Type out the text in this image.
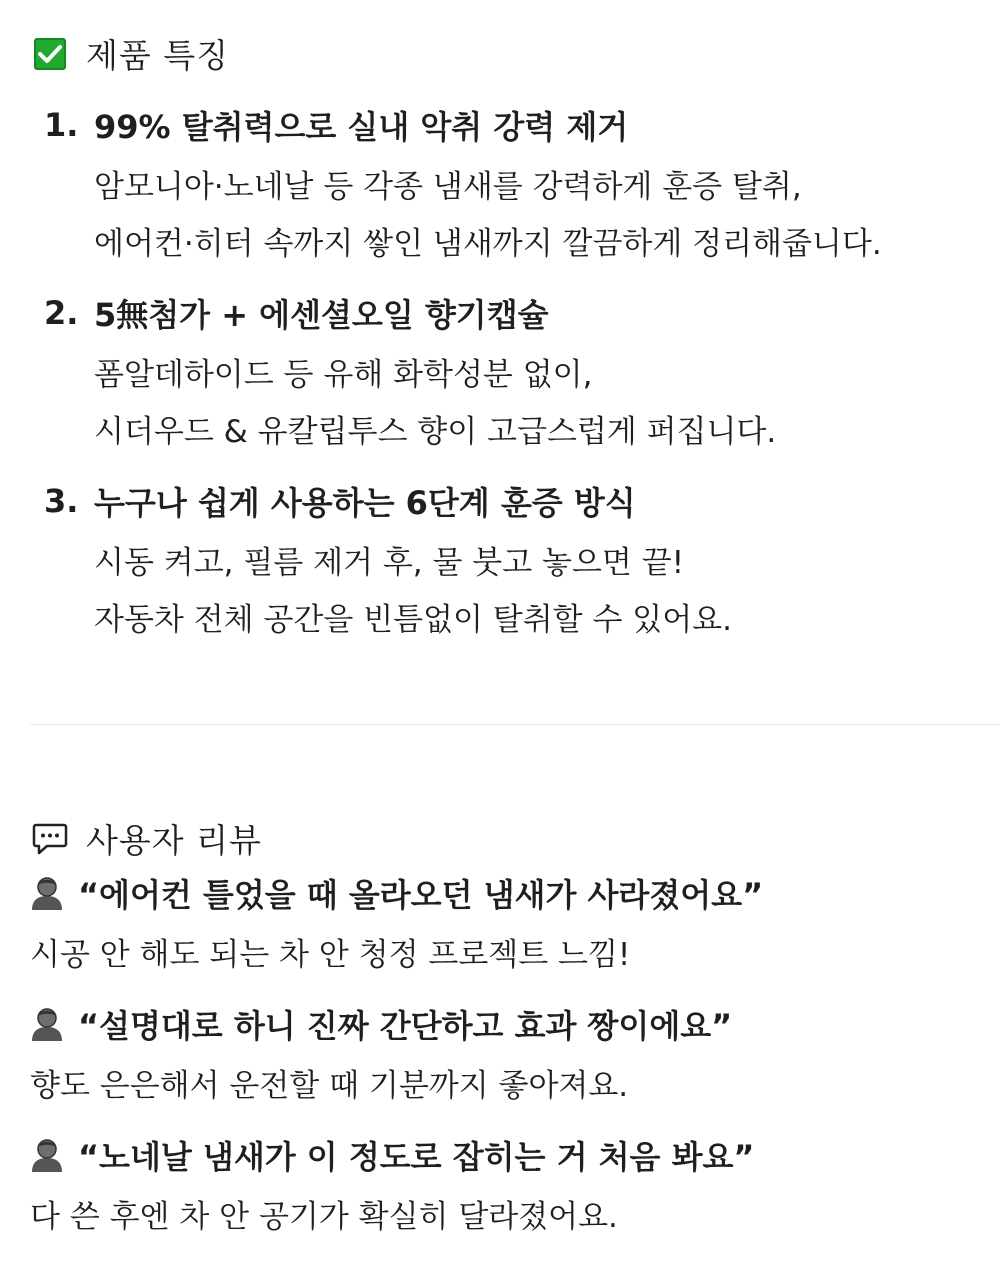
제품 특징
1. 99% 탈취력으로 실내 악취 강력 제거
암모니아·노네날 등 각종 냄새를 강력하게 훈증 탈취,
에어컨·히터 속까지 쌓인 냄새까지 깔끔하게 정리해줍니다.
2. 5無첨가 + 에센셜오일 향기캡슐
폼알데하이드 등 유해 화학성분 없이,
시더우드 & 유칼립투스 향이 고급스럽게 퍼집니다.
3. 누구나 쉽게 사용하는 6단계 훈증 방식
시동 켜고, 필름 제거 후, 물 붓고 놓으면 끝!
자동차 전체 공간을 빈틈없이 탈취할 수 있어요.
사용자 리뷰
“에어컨 틀었을 때 올라오던 냄새가 사라졌어요”
시공 안 해도 되는 차 안 청정 프로젝트 느낌!
“설명대로 하니 진짜 간단하고 효과 짱이에요”
향도 은은해서 운전할 때 기분까지 좋아져요.
“노네날 냄새가 이 정도로 잡히는 거 처음 봐요”
다 쓴 후엔 차 안 공기가 확실히 달라졌어요.
